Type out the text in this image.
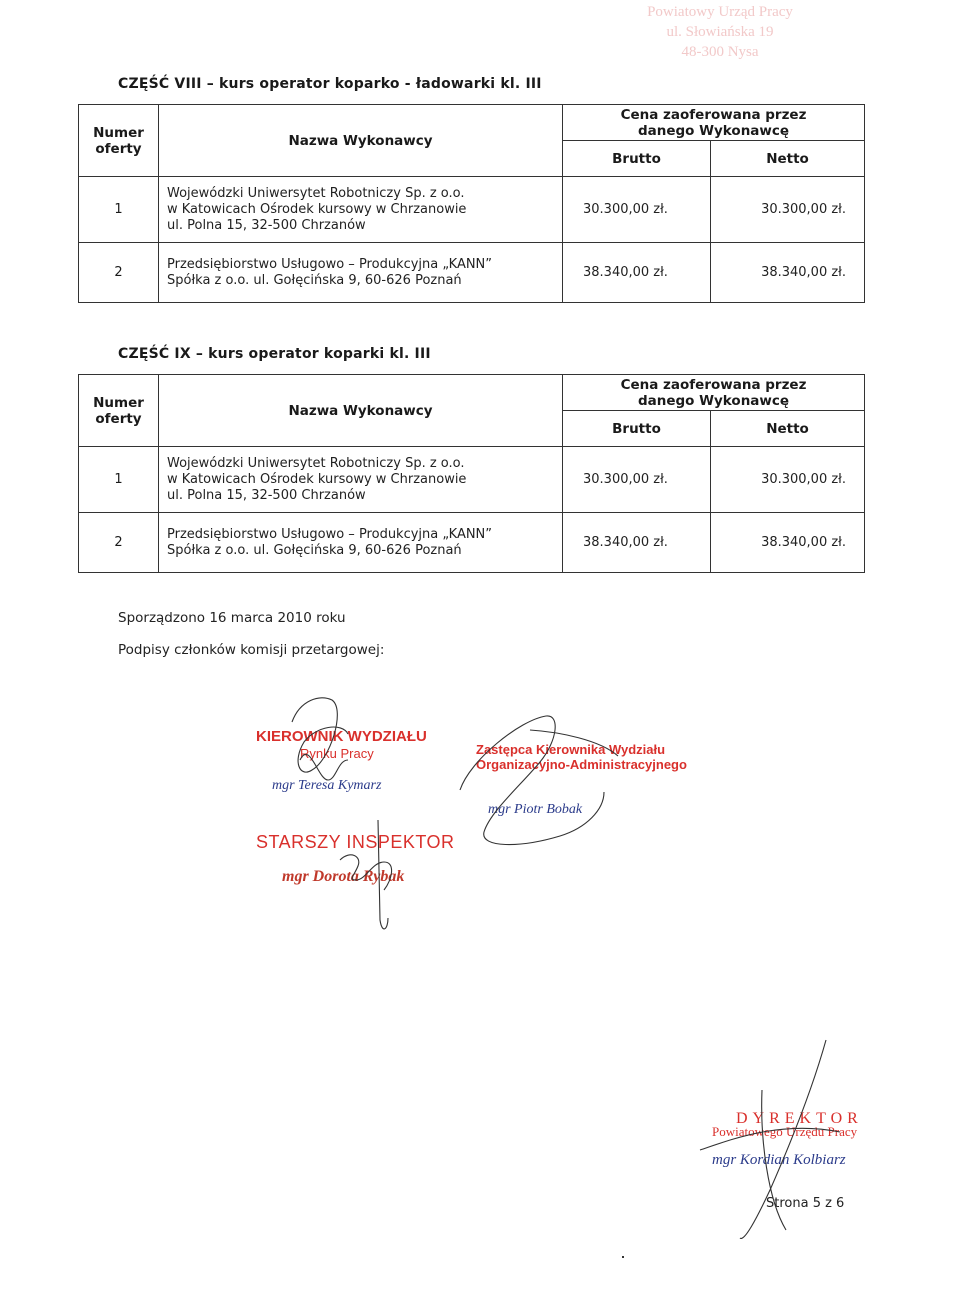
Powiatowy Urząd Pracy
ul. Słowiańska 19
48-300 Nysa
CZĘŚĆ VIII – kurs operator koparko - ładowarki kl. III
Numer oferty	Nazwa Wykonawcy	Cena zaoferowana przez danego Wykonawcę	
		Brutto	Netto
1	Wojewódzki Uniwersytet Robotniczy Sp. z o.o.
w Katowicach Ośrodek kursowy w Chrzanowie
ul. Polna 15, 32-500 Chrzanów	30.300,00 zł.	30.300,00 zł.
2	Przedsiębiorstwo Usługowo – Produkcyjna „KANN”
Spółka z o.o. ul. Gołęcińska 9, 60-626 Poznań	38.340,00 zł.	38.340,00 zł.
CZĘŚĆ IX – kurs operator koparki kl. III
Numer oferty	Nazwa Wykonawcy	Cena zaoferowana przez danego Wykonawcę	
		Brutto	Netto
1	Wojewódzki Uniwersytet Robotniczy Sp. z o.o.
w Katowicach Ośrodek kursowy w Chrzanowie
ul. Polna 15, 32-500 Chrzanów	30.300,00 zł.	30.300,00 zł.
2	Przedsiębiorstwo Usługowo – Produkcyjna „KANN”
Spółka z o.o. ul. Gołęcińska 9, 60-626 Poznań	38.340,00 zł.	38.340,00 zł.
Sporządzono 16 marca 2010 roku
Podpisy członków komisji przetargowej:
KIEROWNIK WYDZIAŁU
Rynku Pracy
mgr Teresa Kymarz
Zastępca Kierownika Wydziału
Organizacyjno-Administracyjnego
mgr Piotr Bobak
STARSZY INSPEKTOR
mgr Dorota Rybak
DYREKTOR
Powiatowego Urzędu Pracy
mgr Kordian Kolbiarz
Strona 5 z 6
